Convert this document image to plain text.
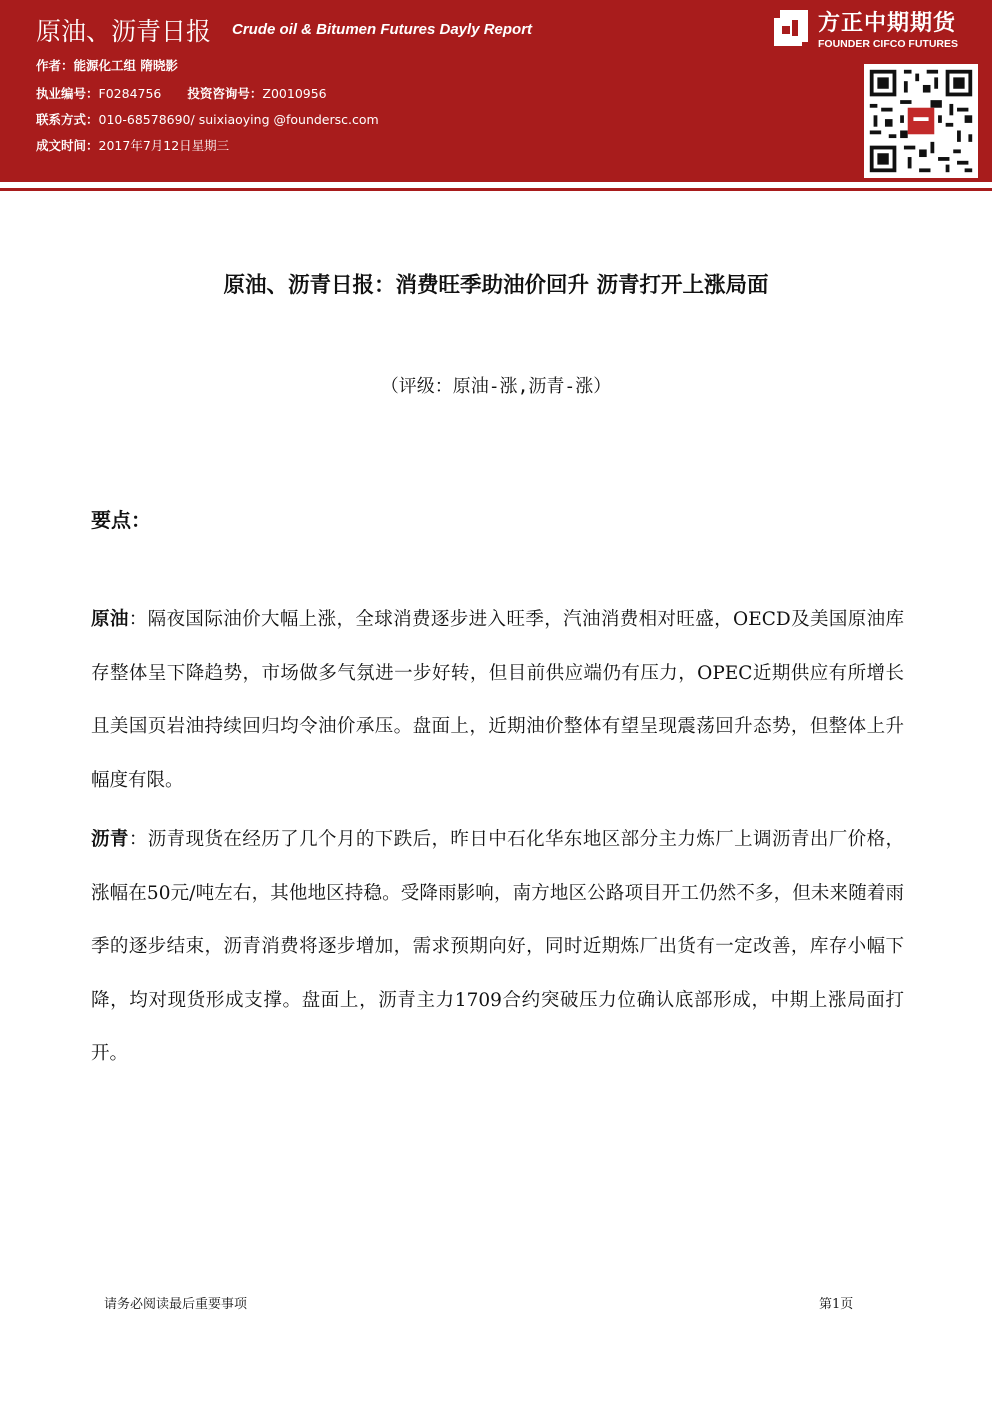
原油、沥青日报 Crude oil & Bitumen Futures Dayly Report
作者：能源化工组 隋晓影
执业编号：F0284756 投资咨询号：Z0010956
联系方式：010-68578690/ suixiaoying @foundersc.com
成文时间：2017年7月12日星期三
方正中期期货
FOUNDER CIFCO FUTURES
原油、沥青日报：消费旺季助油价回升 沥青打开上涨局面
（评级：原油-涨,沥青-涨）
要点：

原油：隔夜国际油价大幅上涨，全球消费逐步进入旺季，汽油消费相对旺盛，OECD及美国原油库存整体呈下降趋势，市场做多气氛进一步好转，但目前供应端仍有压力，OPEC近期供应有所增长且美国页岩油持续回归均令油价承压。盘面上，近期油价整体有望呈现震荡回升态势，但整体上升幅度有限。

沥青：沥青现货在经历了几个月的下跌后，昨日中石化华东地区部分主力炼厂上调沥青出厂价格，涨幅在50元/吨左右，其他地区持稳。受降雨影响，南方地区公路项目开工仍然不多，但未来随着雨季的逐步结束，沥青消费将逐步增加，需求预期向好，同时近期炼厂出货有一定改善，库存小幅下降，均对现货形成支撑。盘面上，沥青主力1709合约突破压力位确认底部形成，中期上涨局面打开。

请务必阅读最后重要事项	第1页
